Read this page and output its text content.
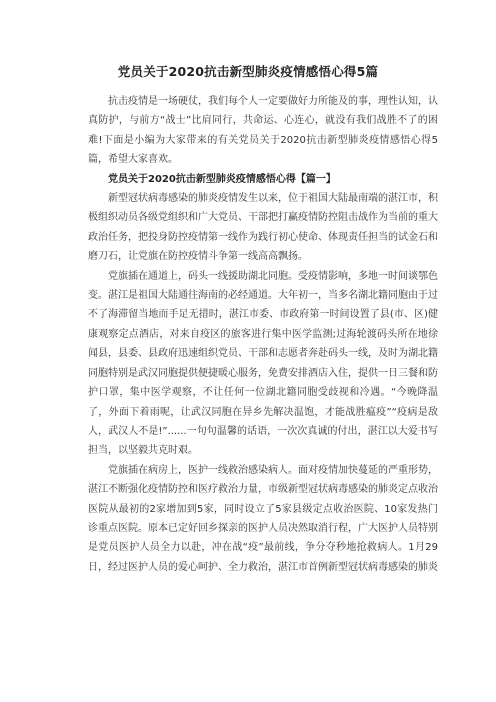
党员关于2020抗击新型肺炎疫情感悟心得5篇

抗击疫情是一场硬仗，我们每个人一定要做好力所能及的事，理性认知，认真防护，与前方“战士”比肩同行，共命运、心连心，就没有我们战胜不了的困难!下面是小编为大家带来的有关党员关于2020抗击新型肺炎疫情感悟心得5篇，希望大家喜欢。

党员关于2020抗击新型肺炎疫情感悟心得【篇一】

新型冠状病毒感染的肺炎疫情发生以来，位于祖国大陆最南端的湛江市，积极组织动员各级党组织和广大党员、干部把打赢疫情防控阻击战作为当前的重大政治任务，把投身防控疫情第一线作为践行初心使命、体现责任担当的试金石和磨刀石，让党旗在防控疫情斗争第一线高高飘扬。

党旗插在通道上，码头一线援助湖北同胞。受疫情影响，多地一时间谈鄂色变。湛江是祖国大陆通往海南的必经通道。大年初一，当多名湖北籍同胞由于过不了海滞留当地而手足无措时，湛江市委、市政府第一时间设置了县(市、区)健康观察定点酒店，对来自疫区的旅客进行集中医学监测;过海轮渡码头所在地徐闻县，县委、县政府迅速组织党员、干部和志愿者奔赴码头一线，及时为湖北籍同胞特别是武汉同胞提供便捷暖心服务，免费安排酒店入住，提供一日三餐和防护口罩，集中医学观察，不让任何一位湖北籍同胞受歧视和冷遇。“今晚降温了，外面下着雨呢，让武汉同胞在异乡先解决温饱，才能战胜瘟疫”“疫病是敌人，武汉人不是!”......一句句温馨的话语，一次次真诚的付出，湛江以大爱书写担当，以坚毅共克时艰。

党旗插在病房上，医护一线救治感染病人。面对疫情加快蔓延的严重形势，湛江不断强化疫情防控和医疗救治力量，市级新型冠状病毒感染的肺炎定点收治医院从最初的2家增加到5家，同时设立了5家县级定点收治医院、10家发热门诊重点医院。原本已定好回乡探亲的医护人员决然取消行程，广大医护人员特别是党员医护人员全力以赴，冲在战“疫”最前线，争分夺秒地抢救病人。1月29日，经过医护人员的爱心呵护、全力救治，湛江市首例新型冠状病毒感染的肺炎
